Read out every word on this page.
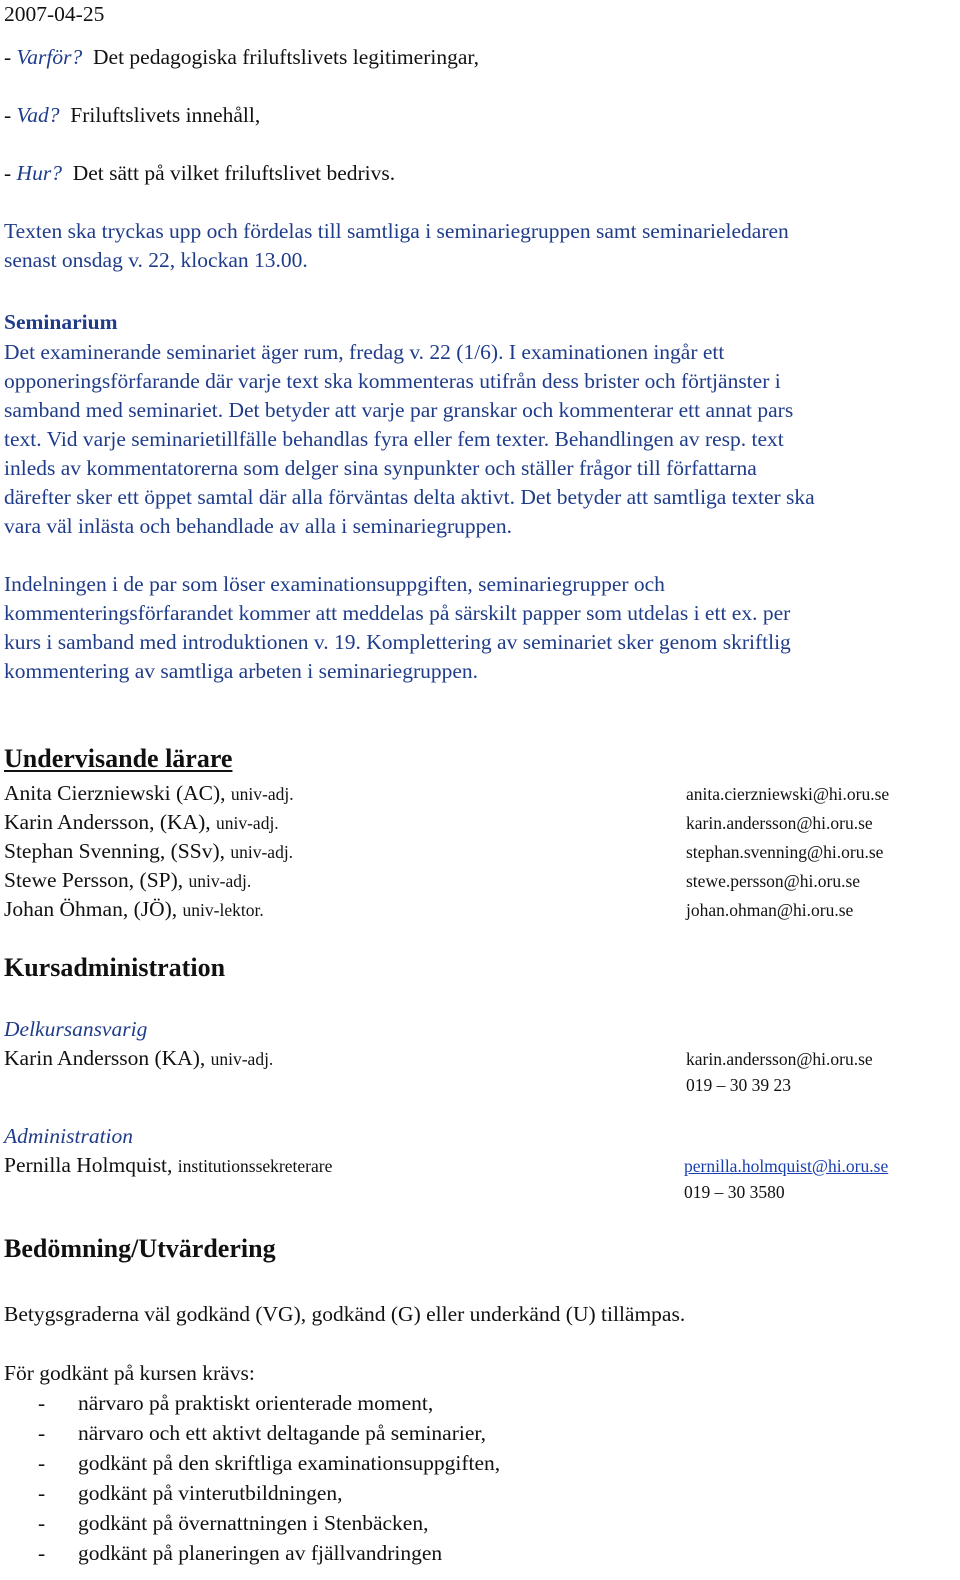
2007-04-25
- Varför? Det pedagogiska friluftslivets legitimeringar,
- Vad? Friluftslivets innehåll,
- Hur? Det sätt på vilket friluftslivet bedrivs.
Texten ska tryckas upp och fördelas till samtliga i seminariegruppen samt seminarieledaren
senast onsdag v. 22, klockan 13.00.
Seminarium
Det examinerande seminariet äger rum, fredag v. 22 (1/6). I examinationen ingår ett
opponeringsförfarande där varje text ska kommenteras utifrån dess brister och förtjänster i
samband med seminariet. Det betyder att varje par granskar och kommenterar ett annat pars
text. Vid varje seminarietillfälle behandlas fyra eller fem texter. Behandlingen av resp. text
inleds av kommentatorerna som delger sina synpunkter och ställer frågor till författarna
därefter sker ett öppet samtal där alla förväntas delta aktivt. Det betyder att samtliga texter ska
vara väl inlästa och behandlade av alla i seminariegruppen.
Indelningen i de par som löser examinationsuppgiften, seminariegrupper och
kommenteringsförfarandet kommer att meddelas på särskilt papper som utdelas i ett ex. per
kurs i samband med introduktionen v. 19. Komplettering av seminariet sker genom skriftlig
kommentering av samtliga arbeten i seminariegruppen.
Undervisande lärare
Anita Cierzniewski (AC), univ-adj.	anita.cierzniewski@hi.oru.se
Karin Andersson, (KA), univ-adj.	karin.andersson@hi.oru.se
Stephan Svenning, (SSv), univ-adj.	stephan.svenning@hi.oru.se
Stewe Persson, (SP), univ-adj.	stewe.persson@hi.oru.se
Johan Öhman, (JÖ), univ-lektor.	johan.ohman@hi.oru.se
Kursadministration
Delkursansvarig
Karin Andersson (KA), univ-adj.	karin.andersson@hi.oru.se
019 – 30 39 23
Administration
Pernilla Holmquist, institutionssekreterare	pernilla.holmquist@hi.oru.se
019 – 30 3580
Bedömning/Utvärdering
Betygsgraderna väl godkänd (VG), godkänd (G) eller underkänd (U) tillämpas.
För godkänt på kursen krävs:
- närvaro på praktiskt orienterade moment,
- närvaro och ett aktivt deltagande på seminarier,
- godkänt på den skriftliga examinationsuppgiften,
- godkänt på vinterutbildningen,
- godkänt på övernattningen i Stenbäcken,
- godkänt på planeringen av fjällvandringen
